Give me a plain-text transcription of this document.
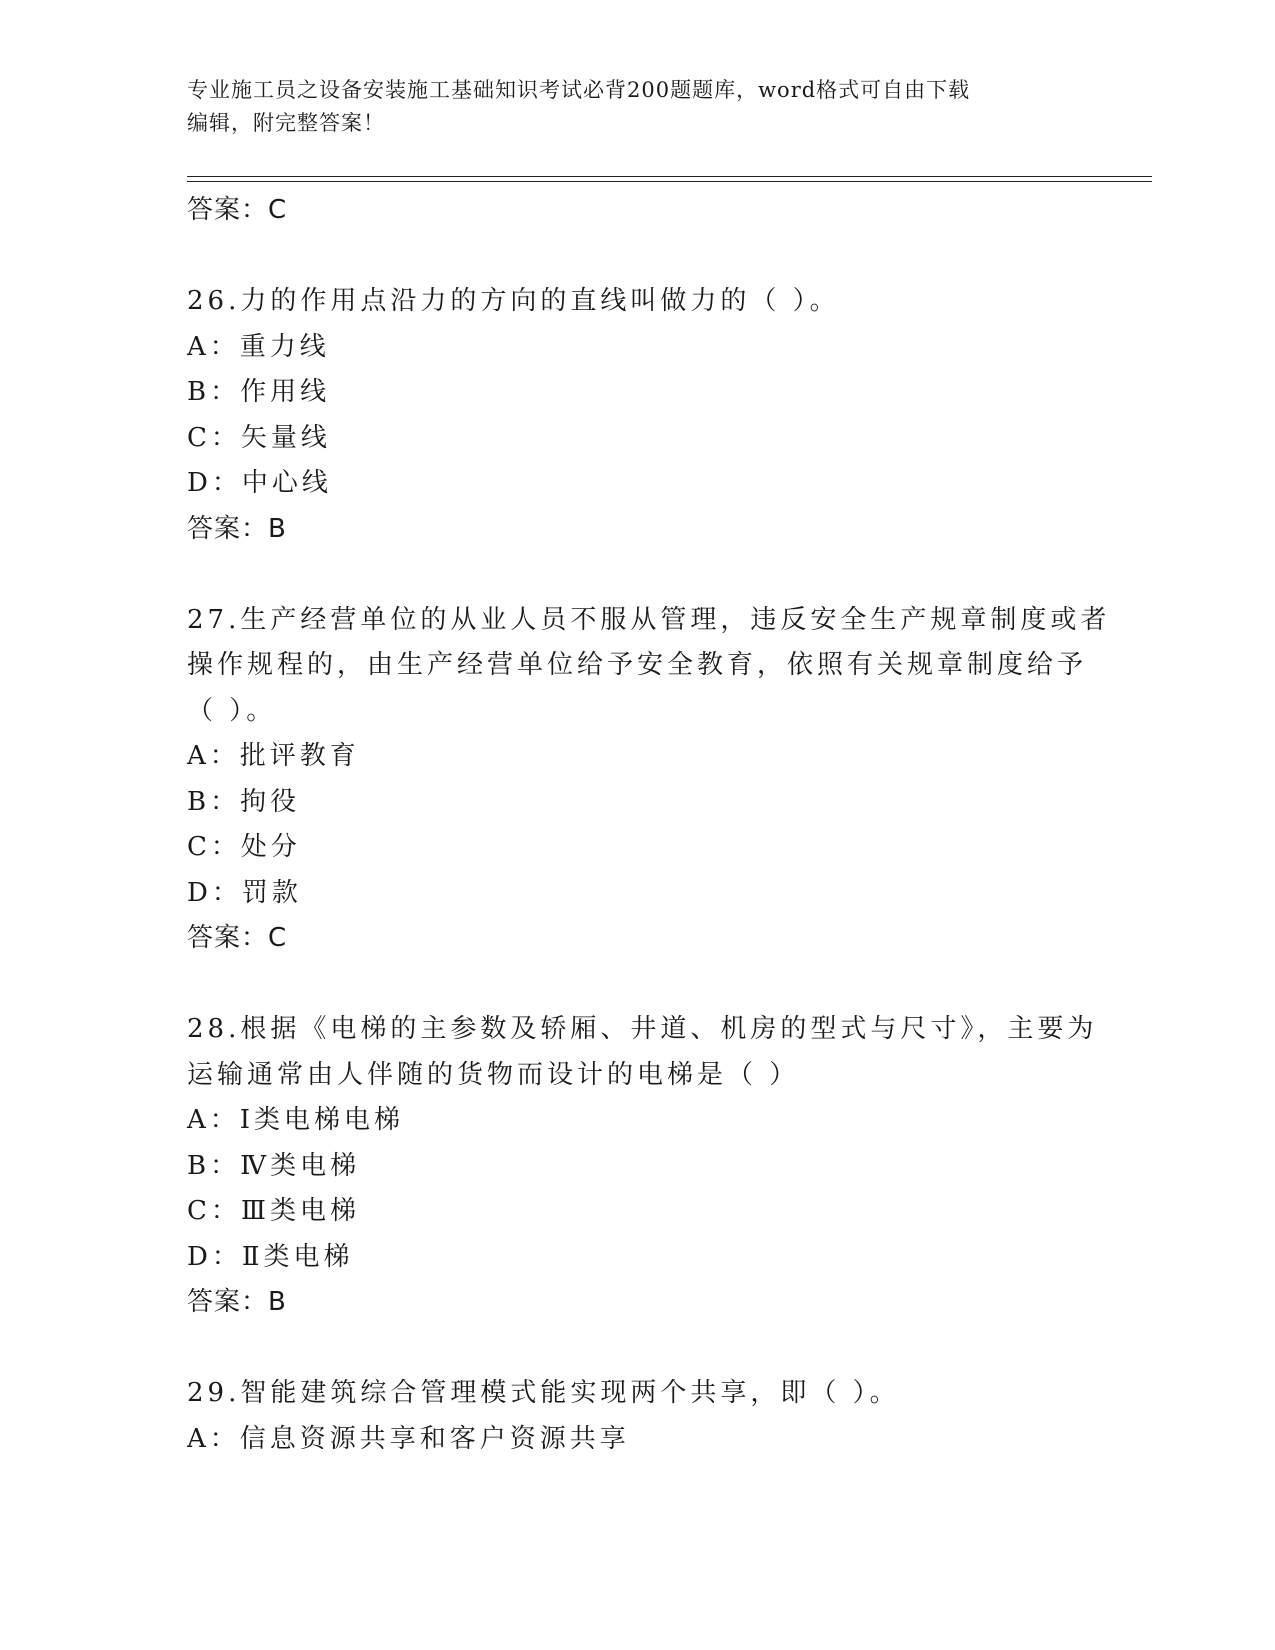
专业施工员之设备安装施工基础知识考试必背200题题库，word格式可自由下载
编辑，附完整答案！

答案：C

26.力的作用点沿力的方向的直线叫做力的（ ）。

A：重力线

B：作用线

C：矢量线

D：中心线

答案：B

27.生产经营单位的从业人员不服从管理，违反安全生产规章制度或者

操作规程的，由生产经营单位给予安全教育，依照有关规章制度给予

（ ）。

A：批评教育

B：拘役

C：处分

D：罚款

答案：C

28.根据《电梯的主参数及轿厢、井道、机房的型式与尺寸》，主要为

运输通常由人伴随的货物而设计的电梯是（ ）

A：Ⅰ类电梯电梯

B：Ⅳ类电梯

C：Ⅲ类电梯

D：Ⅱ类电梯

答案：B

29.智能建筑综合管理模式能实现两个共享，即（ ）。

A：信息资源共享和客户资源共享
